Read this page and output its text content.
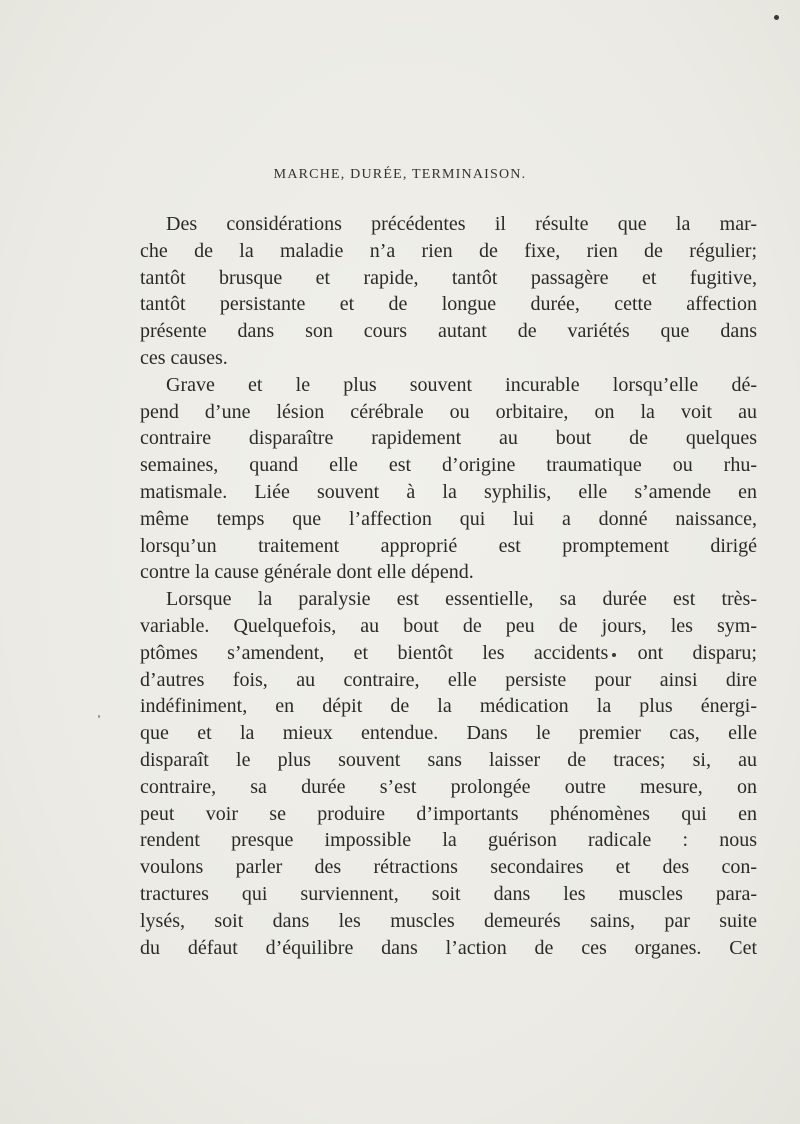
MARCHE, DURÉE, TERMINAISON.
Des considérations précédentes il résulte que la mar-
che de la maladie n’a rien de fixe, rien de régulier;
tantôt brusque et rapide, tantôt passagère et fugitive,
tantôt persistante et de longue durée, cette affection
présente dans son cours autant de variétés que dans
ces causes.
Grave et le plus souvent incurable lorsqu’elle dé-
pend d’une lésion cérébrale ou orbitaire, on la voit au
contraire disparaître rapidement au bout de quelques
semaines, quand elle est d’origine traumatique ou rhu-
matismale. Liée souvent à la syphilis, elle s’amende en
même temps que l’affection qui lui a donné naissance,
lorsqu’un traitement approprié est promptement dirigé
contre la cause générale dont elle dépend.
Lorsque la paralysie est essentielle, sa durée est très-
variable. Quelquefois, au bout de peu de jours, les sym-
ptômes s’amendent, et bientôt les accidents ont disparu;
d’autres fois, au contraire, elle persiste pour ainsi dire
indéfiniment, en dépit de la médication la plus énergi-
que et la mieux entendue. Dans le premier cas, elle
disparaît le plus souvent sans laisser de traces; si, au
contraire, sa durée s’est prolongée outre mesure, on
peut voir se produire d’importants phénomènes qui en
rendent presque impossible la guérison radicale : nous
voulons parler des rétractions secondaires et des con-
tractures qui surviennent, soit dans les muscles para-
lysés, soit dans les muscles demeurés sains, par suite
du défaut d’équilibre dans l’action de ces organes. Cet
